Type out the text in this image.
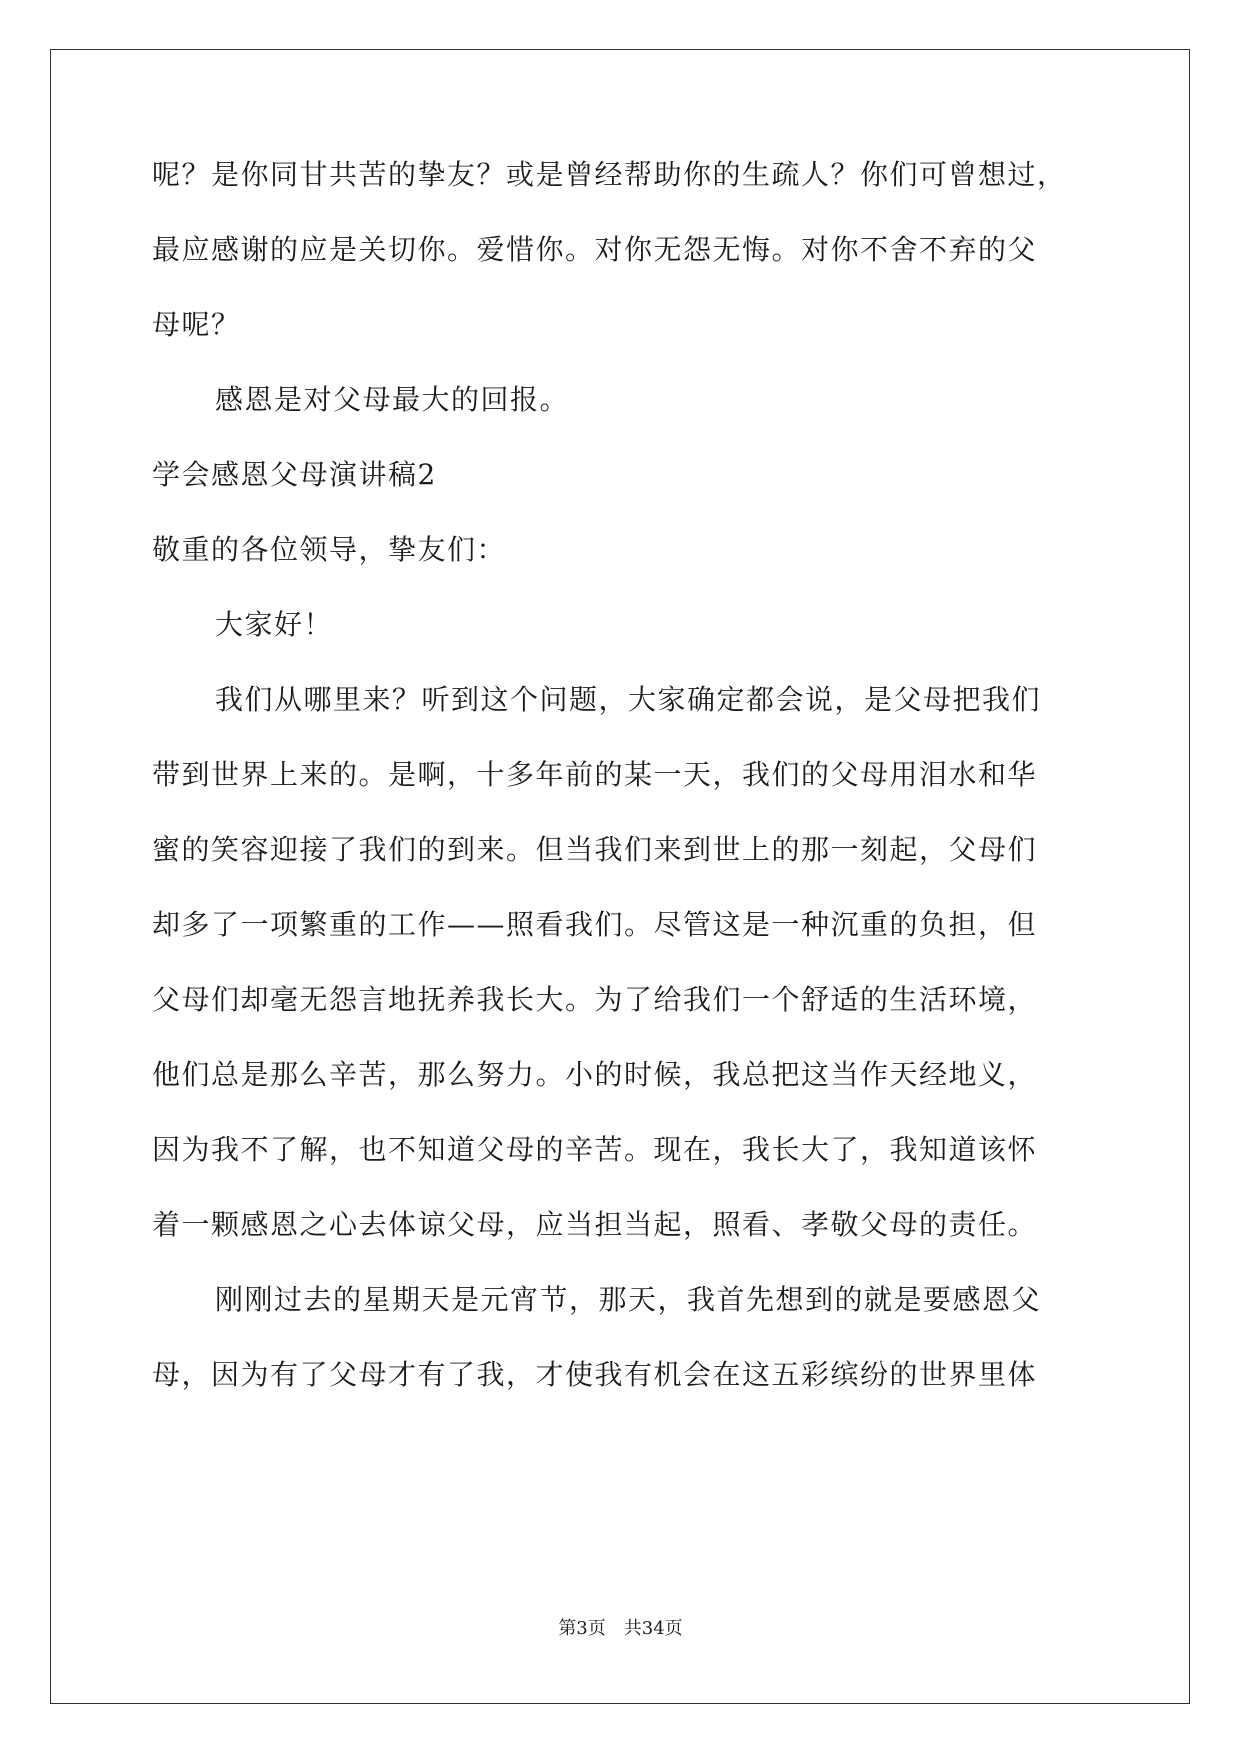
呢？是你同甘共苦的挚友？或是曾经帮助你的生疏人？你们可曾想过，
最应感谢的应是关切你。爱惜你。对你无怨无悔。对你不舍不弃的父
母呢？
感恩是对父母最大的回报。
学会感恩父母演讲稿2
敬重的各位领导，挚友们：
大家好！
我们从哪里来？听到这个问题，大家确定都会说，是父母把我们
带到世界上来的。是啊，十多年前的某一天，我们的父母用泪水和华
蜜的笑容迎接了我们的到来。但当我们来到世上的那一刻起，父母们
却多了一项繁重的工作——照看我们。尽管这是一种沉重的负担，但
父母们却毫无怨言地抚养我长大。为了给我们一个舒适的生活环境，
他们总是那么辛苦，那么努力。小的时候，我总把这当作天经地义，
因为我不了解，也不知道父母的辛苦。现在，我长大了，我知道该怀
着一颗感恩之心去体谅父母，应当担当起，照看、孝敬父母的责任。
刚刚过去的星期天是元宵节，那天，我首先想到的就是要感恩父
母，因为有了父母才有了我，才使我有机会在这五彩缤纷的世界里体
第3页 共34页
